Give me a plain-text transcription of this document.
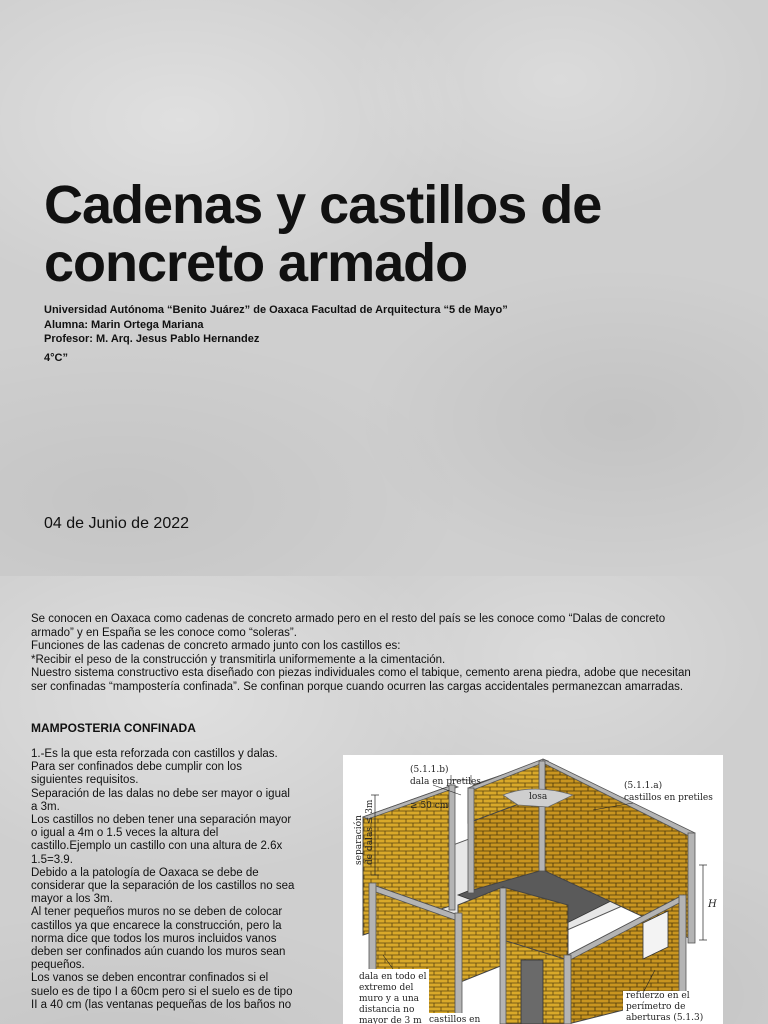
Cadenas y castillos de
concreto armado
Universidad Autónoma “Benito Juárez” de Oaxaca Facultad de Arquitectura “5 de Mayo”
Alumna: Marin Ortega Mariana
Profesor: M. Arq. Jesus Pablo Hernandez
4°C”
04 de Junio de 2022
Se conocen en Oaxaca como cadenas de concreto armado pero en el resto del país se les conoce como “Dalas de concreto
armado” y en España se les conoce como “soleras”.
Funciones de las cadenas de concreto armado junto con los castillos es:
*Recibir el peso de la construcción y transmitirla uniformemente a la cimentación.
Nuestro sistema constructivo esta diseñado con piezas individuales como el tabique, cemento arena piedra, adobe que necesitan
ser confinadas “mampostería confinada”. Se confinan porque cuando ocurren las cargas accidentales permanezcan amarradas.
MAMPOSTERIA CONFINADA
1.-Es la que esta reforzada con castillos y dalas.
Para ser confinados debe cumplir con los
siguientes requisitos.
Separación de las dalas no debe ser mayor o igual
a 3m.
Los castillos no deben tener una separación mayor
o igual a 4m o 1.5 veces la altura del
castillo.Ejemplo un castillo con una altura de 2.6x
1.5=3.9.
Debido a la patología de Oaxaca se debe de
considerar que la separación de los castillos no sea
mayor a los 3m.
Al tener pequeños muros no se deben de colocar
castillos ya que encarece la construcción, pero la
norma dice que todos los muros incluidos vanos
deben ser confinados aún cuando los muros sean
pequeños.
Los vanos se deben encontrar confinados si el
suelo es de tipo I a 60cm pero si el suelo es de tipo
II a 40 cm (las ventanas pequeñas de los baños no
(5.1.1.b)
dala en pretiles
≥ 50 cm
losa
(5.1.1.a)
castillos en pretiles
separación de dalas ≤ 3m
H
dala en todo el
extremo del
muro y a una
distancia no
mayor de 3 m castillos en
refuerzo en el
perímetro de
aberturas (5.1.3)
